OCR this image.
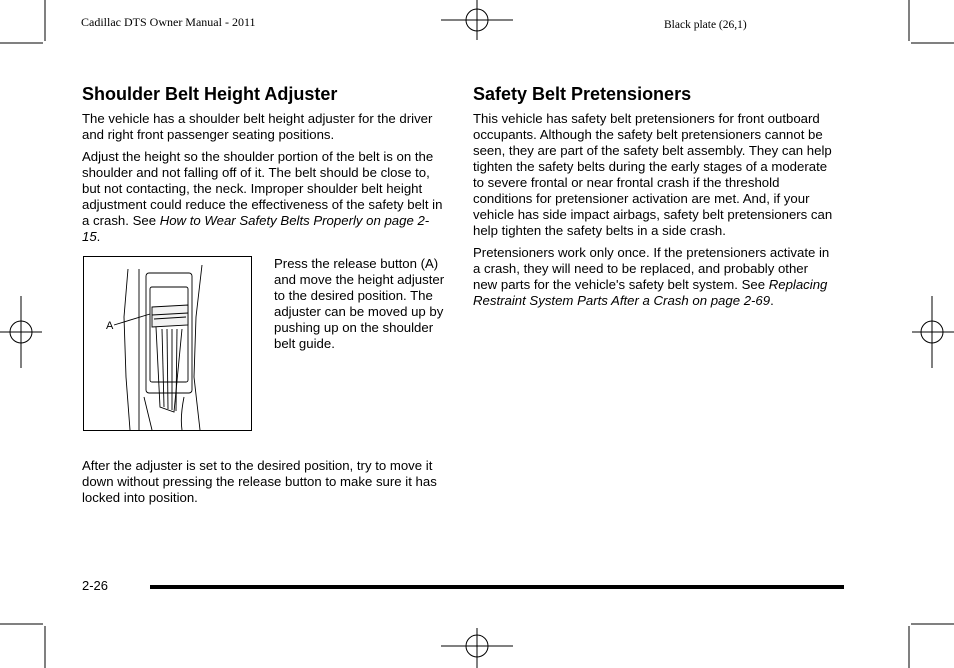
Cadillac DTS Owner Manual - 2011	Black plate (26,1)
Shoulder Belt Height Adjuster

The vehicle has a shoulder belt height adjuster for the driver and right front passenger seating positions.

Adjust the height so the shoulder portion of the belt is on the shoulder and not falling off of it. The belt should be close to, but not contacting, the neck. Improper shoulder belt height adjustment could reduce the effectiveness of the safety belt in a crash. See How to Wear Safety Belts Properly on page 2-15.

A
Press the release button (A) and move the height adjuster to the desired position. The adjuster can be moved up by pushing up on the shoulder belt guide.

After the adjuster is set to the desired position, try to move it down without pressing the release button to make sure it has locked into position.

Safety Belt Pretensioners

This vehicle has safety belt pretensioners for front outboard occupants. Although the safety belt pretensioners cannot be seen, they are part of the safety belt assembly. They can help tighten the safety belts during the early stages of a moderate to severe frontal or near frontal crash if the threshold conditions for pretensioner activation are met. And, if your vehicle has side impact airbags, safety belt pretensioners can help tighten the safety belts in a side crash.

Pretensioners work only once. If the pretensioners activate in a crash, they will need to be replaced, and probably other new parts for the vehicle's safety belt system. See Replacing Restraint System Parts After a Crash on page 2-69.

2-26
